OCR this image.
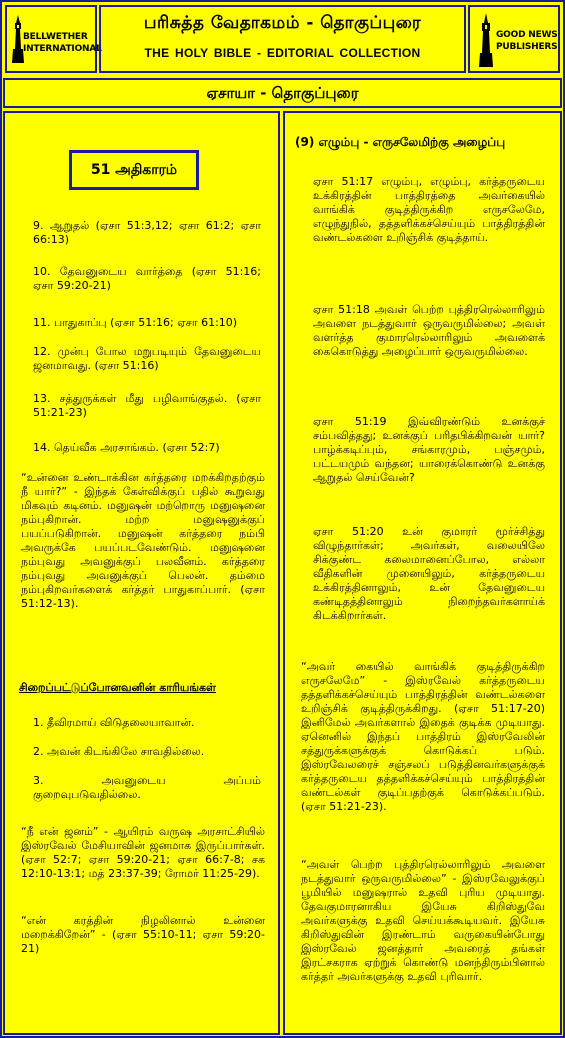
BELLWETHER
INTERNATIONAL
பரிசுத்த வேதாகமம் - தொகுப்புரை
THE HOLY BIBLE - EDITORIAL COLLECTION
GOOD NEWS
PUBLISHERS
ஏசாயா - தொகுப்புரை
51 அதிகாரம்
9. ஆறுதல் (ஏசா 51:3,12; ஏசா 61:2; ஏசா 66:13)
10. தேவனுடைய வார்த்தை (ஏசா 51:16; ஏசா 59:20-21)
11. பாதுகாப்பு (ஏசா 51:16; ஏசா 61:10)
12. முன்பு போல மறுபடியும் தேவனுடைய ஜனமாவது. (ஏசா 51:16)
13. சத்துருக்கள் மீது பழிவாங்குதல். (ஏசா 51:21-23)
14. தெய்வீக அரசாங்கம். (ஏசா 52:7)
“உன்னை உண்டாக்கின கர்த்தரை மறக்கிறதற்கும் நீ யார்?” - இந்தக் கேள்விக்குப் பதில் கூறுவது மிகவும் கடினம். மனுஷன் மற்றொரு மனுஷனை நம்புகிறான். மற்ற மனுஷனுக்குப் பயப்படுகிறான். மனுஷன் கர்த்தரை நம்பி அவருக்கே பயப்படவேண்டும். மனுஷனை நம்புவது அவனுக்குப் பலவீனம். கர்த்தரை நம்புவது அவனுக்குப் பெலன். தம்மை நம்புகிறவர்களைக் கர்த்தர் பாதுகாப்பார். (ஏசா 51:12-13).
சிறைப்பட்டுப்போனவனின் காரியங்கள்
1. தீவிரமாய் விடுதலையாவான்.
2. அவன் கிடங்கிலே சாவதில்லை.
3. அவனுடைய அப்பம் குறைவுபடுவதில்லை.
“நீ என் ஜனம்” - ஆயிரம் வருஷ அரசாட்சியில் இஸ்ரவேல் மேசியாவின் ஜனமாக இருப்பார்கள். (ஏசா 52:7; ஏசா 59:20-21; ஏசா 66:7-8; சக 12:10-13:1; மத் 23:37-39; ரோமர் 11:25-29).
“என் கரத்தின் நிழலினால் உன்னை மறைக்கிறேன்” - (ஏசா 55:10-11; ஏசா 59:20-21)
(9) எழும்பு - எருசலேமிற்கு அழைப்பு
ஏசா 51:17 எழும்பு, எழும்பு, கர்த்தருடைய உக்கிரத்தின் பாத்திரத்தை அவர்கையில் வாங்கிக் குடித்திருக்கிற எருசலேமே, எழுந்துநில், தத்தளிக்கச்செய்யும் பாத்திரத்தின் வண்டல்களை உறிஞ்சிக் குடித்தாய்.
ஏசா 51:18 அவள் பெற்ற புத்திரரெல்லாரிலும் அவளை நடத்துவார் ஒருவருமில்லை; அவள் வளர்த்த குமாரரெல்லாரிலும் அவளைக் கைகொடுத்து அழைப்பார் ஒருவருமில்லை.
ஏசா 51:19 இவ்விரண்டும் உனக்குச் சம்பவித்தது; உனக்குப் பரிதபிக்கிறவன் யார்? பாழ்க்கடிப்பும், சங்காரமும், பஞ்சமும், பட்டயமும் வந்தன; யாரைக்கொண்டு உனக்கு ஆறுதல் செய்வேன்?
ஏசா 51:20 உன் குமாரர் மூர்ச்சித்து விழுந்தார்கள்; அவர்கள், வலையிலே சிக்குண்ட கலைமானைப்போல, எல்லா வீதிகளின் முனையிலும், கர்த்தருடைய உக்கிரத்தினாலும், உன் தேவனுடைய கண்டிதத்தினாலும் நிறைந்தவர்களாய்க் கிடக்கிறார்கள்.
“அவர் கையில் வாங்கிக் குடித்திருக்கிற எருசலேமே” - இஸ்ரவேல் கர்த்தருடைய தத்தளிக்கச்செய்யும் பாத்திரத்தின் வண்டல்களை உறிஞ்சிக் குடித்திருக்கிறது. (ஏசா 51:17-20) இனிமேல் அவர்களால் இதைக் குடிக்க முடியாது. ஏனெனில் இந்தப் பாத்திரம் இஸ்ரவேலின் சத்துருக்களுக்குக் கொடுக்கப் படும். இஸ்ரவேலரைச் சஞ்சலப் படுத்தினவர்களுக்குக் கர்த்தருடைய தத்தளிக்கச்செய்யும் பாத்திரத்தின் வண்டல்கள் குடிப்பதற்குக் கொடுக்கப்படும். (ஏசா 51:21-23).
“அவள் பெற்ற புத்திரரெல்லாரிலும் அவளை நடத்துவார் ஒருவருமில்லை” - இஸ்ரவேலுக்குப் பூமியில் மனுஷரால் உதவி புரிய முடியாது. தேவகுமாரனாகிய இயேசு கிறிஸ்துவே அவர்களுக்கு உதவி செய்யக்கூடியவர். இயேசு கிறிஸ்துவின் இரண்டாம் வருகையின்போது இஸ்ரவேல் ஜனத்தார் அவரைத் தங்கள் இரட்சகராக ஏற்றுக் கொண்டு மனந்திரும்பினால் கர்த்தர் அவர்களுக்கு உதவி புரிவார்.
